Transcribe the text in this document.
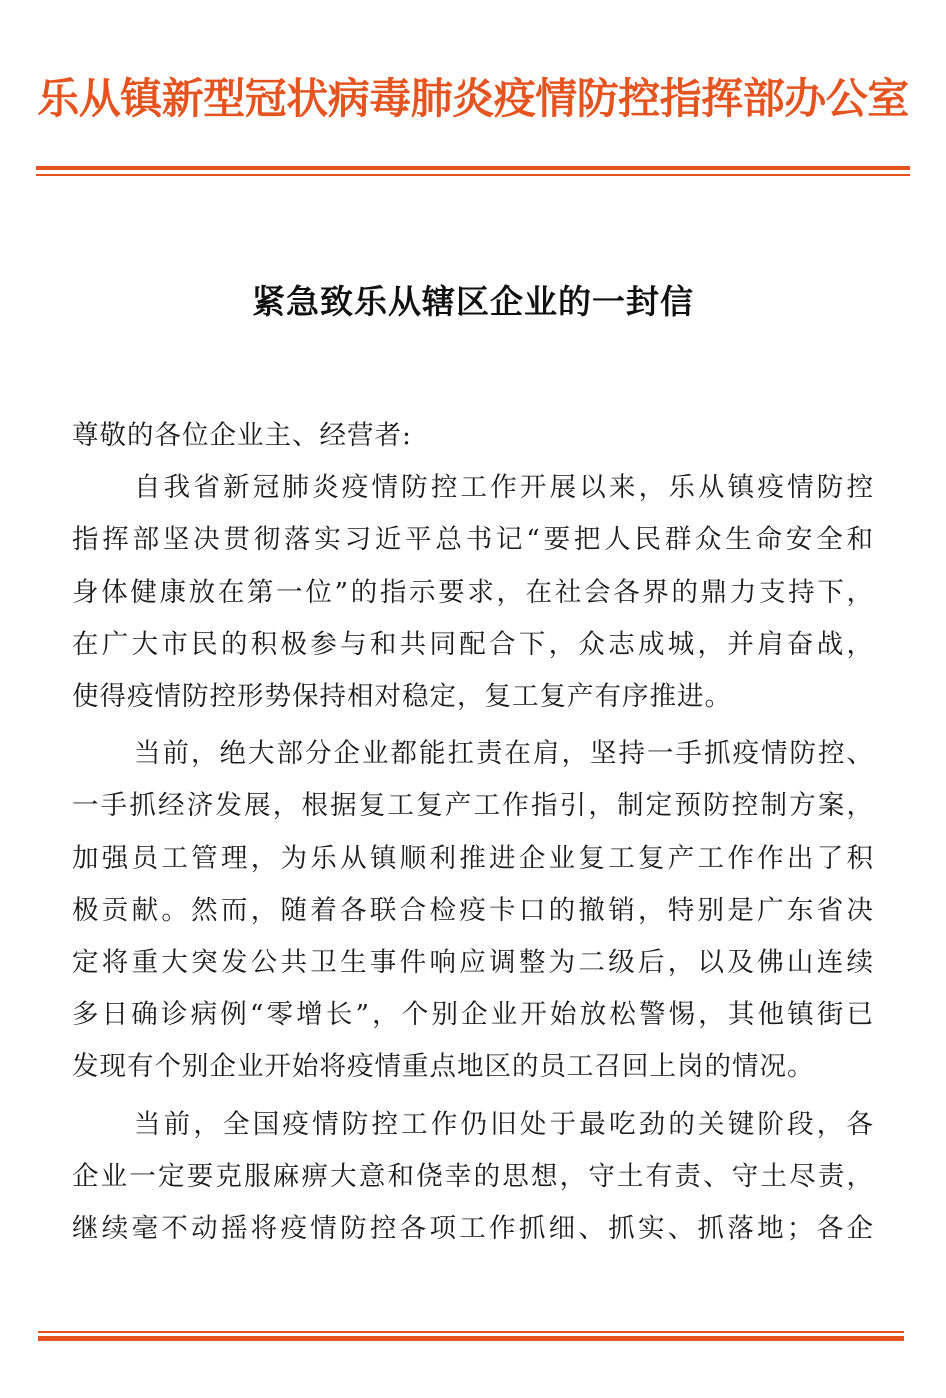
乐从镇新型冠状病毒肺炎疫情防控指挥部办公室
紧急致乐从辖区企业的一封信
尊敬的各位企业主、经营者:
自我省新冠肺炎疫情防控工作开展以来，乐从镇疫情防控
指挥部坚决贯彻落实习近平总书记“要把人民群众生命安全和
身体健康放在第一位”的指示要求，在社会各界的鼎力支持下，
在广大市民的积极参与和共同配合下，众志成城，并肩奋战，
使得疫情防控形势保持相对稳定，复工复产有序推进。
当前，绝大部分企业都能扛责在肩，坚持一手抓疫情防控、
一手抓经济发展，根据复工复产工作指引，制定预防控制方案，
加强员工管理，为乐从镇顺利推进企业复工复产工作作出了积
极贡献。然而，随着各联合检疫卡口的撤销，特别是广东省决
定将重大突发公共卫生事件响应调整为二级后，以及佛山连续
多日确诊病例“零增长”，个别企业开始放松警惕，其他镇街已
发现有个别企业开始将疫情重点地区的员工召回上岗的情况。
当前，全国疫情防控工作仍旧处于最吃劲的关键阶段，各
企业一定要克服麻痹大意和侥幸的思想，守土有责、守土尽责，
继续毫不动摇将疫情防控各项工作抓细、抓实、抓落地；各企
